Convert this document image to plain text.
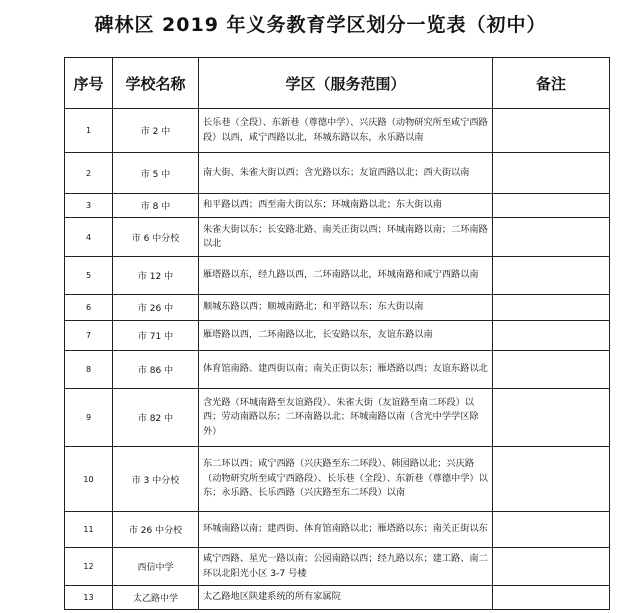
碑林区 2019 年义务教育学区划分一览表（初中）
序号	学校名称	学区（服务范围）	备注
1	市 2 中	长乐巷（全段）、东新巷（尊德中学）、兴庆路（动物研究所至咸宁西路段）以西，咸宁西路以北，环城东路以东，永乐路以南	
2	市 5 中	南大街、朱雀大街以西；含光路以东；友谊西路以北；西大街以南	
3	市 8 中	和平路以西；西至南大街以东；环城南路以北；东大街以南	
4	市 6 中分校	朱雀大街以东；长安路北路、南关正街以西；环城南路以南；二环南路以北	
5	市 12 中	雁塔路以东，经九路以西，二环南路以北，环城南路和咸宁西路以南	
6	市 26 中	顺城东路以西；顺城南路北；和平路以东；东大街以南	
7	市 71 中	雁塔路以西，二环南路以北，长安路以东，友谊东路以南	
8	市 86 中	体育馆南路、建西街以南；南关正街以东；雁塔路以西；友谊东路以北	
9	市 82 中	含光路（环城南路至友谊路段）、朱雀大街（友谊路至南二环段）以西；劳动南路以东；二环南路以北；环城南路以南（含光中学学区除外）	
10	市 3 中分校	东二环以西；咸宁西路（兴庆路至东二环段）、韩园路以北；兴庆路（动物研究所至咸宁西路段）、长乐巷（全段）、东新巷（尊德中学）以东；永乐路、长乐西路（兴庆路至东二环段）以南	
11	市 26 中分校	环城南路以南；建西街、体育馆南路以北；雁塔路以东；南关正街以东	
12	西信中学	咸宁西路、星光一路以南；公园南路以西；经九路以东；建工路、南二环以北阳光小区 3-7 号楼	
13	太乙路中学	太乙路地区陕建系统的所有家属院	
